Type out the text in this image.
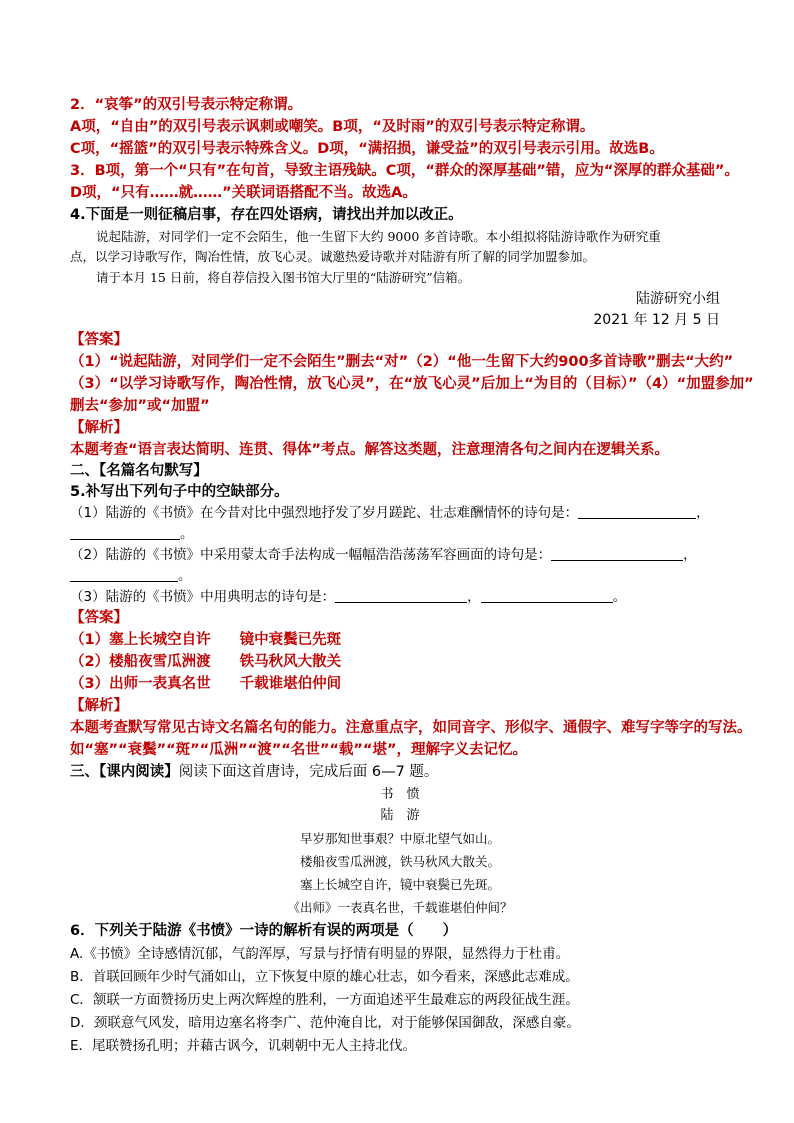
2．“哀筝”的双引号表示特定称谓。
A项，“自由”的双引号表示讽刺或嘲笑。B项，“及时雨”的双引号表示特定称谓。
C项，“摇篮”的双引号表示特殊含义。D项，“满招损，谦受益”的双引号表示引用。故选B。
3．B项，第一个“只有”在句首，导致主语残缺。C项，“群众的深厚基础”错，应为“深厚的群众基础”。
D项，“只有……就……”关联词语搭配不当。故选A。
4.下面是一则征稿启事，存在四处语病，请找出并加以改正。
说起陆游，对同学们一定不会陌生，他一生留下大约 9000 多首诗歌。本小组拟将陆游诗歌作为研究重
点，以学习诗歌写作，陶冶性情，放飞心灵。诚邀热爱诗歌并对陆游有所了解的同学加盟参加。
请于本月 15 日前，将自荐信投入图书馆大厅里的“陆游研究”信箱。
陆游研究小组
2021 年 12 月 5 日
【答案】
（1）“说起陆游，对同学们一定不会陌生”删去“对”（2）“他一生留下大约900多首诗歌”删去“大约”
（3）“以学习诗歌写作，陶冶性情，放飞心灵”，在“放飞心灵”后加上“为目的（目标）”（4）“加盟参加”
删去“参加”或“加盟”
【解析】
本题考查“语言表达简明、连贯、得体”考点。解答这类题，注意理清各句之间内在逻辑关系。
二、【名篇名句默写】
5.补写出下列句子中的空缺部分。
（1）陆游的《书愤》在今昔对比中强烈地抒发了岁月蹉跎、壮志难酬情怀的诗句是：	，
。
（2）陆游的《书愤》中采用蒙太奇手法构成一幅幅浩浩荡荡军容画面的诗句是：	，
。
（3）陆游的《书愤》中用典明志的诗句是：	，	。
【答案】
（1）塞上长城空自许　　镜中衰鬓已先斑
（2）楼船夜雪瓜洲渡　　铁马秋风大散关
（3）出师一表真名世　　千载谁堪伯仲间
【解析】
本题考查默写常见古诗文名篇名句的能力。注意重点字，如同音字、形似字、通假字、难写字等字的写法。
如“塞”“衰鬓”“斑”“瓜洲”“渡”“名世”“载”“堪”，理解字义去记忆。
三、【课内阅读】阅读下面这首唐诗，完成后面 6—7 题。
书　愤
陆　游
早岁那知世事艰？中原北望气如山。
楼船夜雪瓜洲渡，铁马秋风大散关。
塞上长城空自许，镜中衰鬓已先斑。
《出师》一表真名世，千载谁堪伯仲间？
6．下列关于陆游《书愤》一诗的解析有误的两项是（　　）
A.《书愤》全诗感情沉郁，气韵浑厚，写景与抒情有明显的界限，显然得力于杜甫。
B．首联回顾年少时气涌如山，立下恢复中原的雄心壮志，如今看来，深感此志难成。
C．颔联一方面赞扬历史上两次辉煌的胜利，一方面追述平生最难忘的两段征战生涯。
D．颈联意气风发，暗用边塞名将李广、范仲淹自比，对于能够保国御敌，深感自豪。
E．尾联赞扬孔明；并藉古讽今，讥刺朝中无人主持北伐。
